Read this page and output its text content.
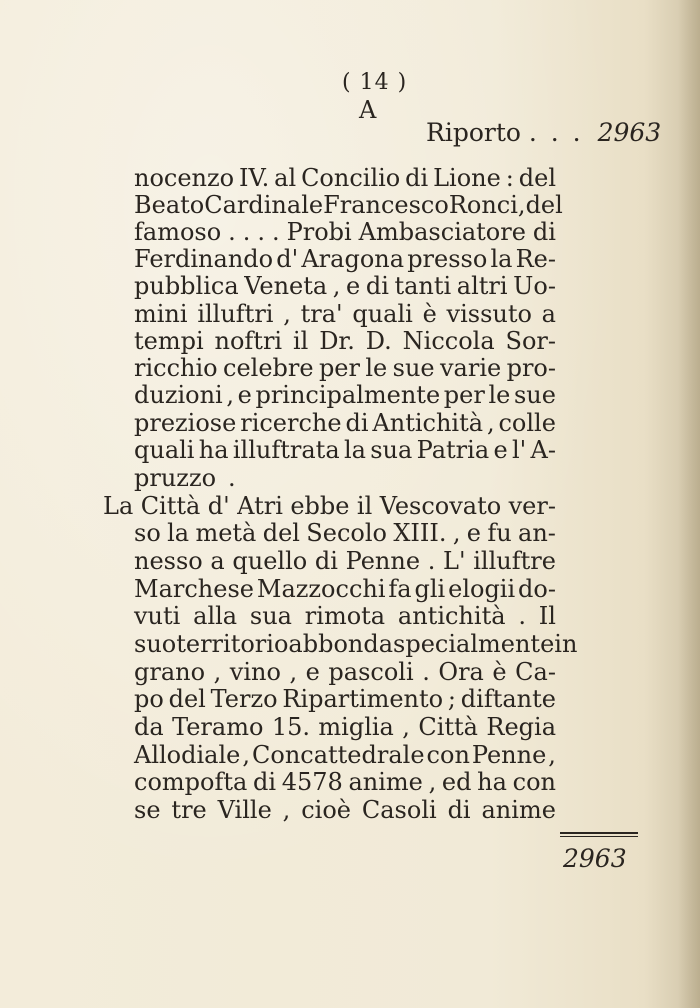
( 14 )
A
Riporto . . . 2963
nocenzo IV. al Concilio di Lione : del
Beato Cardinale Francesco Ronci , del
famoso . . . . Probi Ambasciatore di
Ferdinando d' Aragona presso la Re-
pubblica Veneta , e di tanti altri Uo-
mini illuftri , tra' quali è vissuto a
tempi noftri il Dr. D. Niccola Sor-
ricchio celebre per le sue varie pro-
duzioni , e principalmente per le sue
preziose ricerche di Antichità , colle
quali ha illuftrata la sua Patria e l' A-
pruzzo .
La Città d' Atri ebbe il Vescovato ver-
so la metà del Secolo XIII. , e fu an-
nesso a quello di Penne . L' illuftre
Marchese Mazzocchi fa gli elogii do-
vuti alla sua rimota antichità . Il
suo territorio abbonda specialmente in
grano , vino , e pascoli . Ora è Ca-
po del Terzo Ripartimento ; diftante
da Teramo 15. miglia , Città Regia
Allodiale , Concattedrale con Penne ,
compofta di 4578 anime , ed ha con
se tre Ville , cioè Casoli di anime
2963
